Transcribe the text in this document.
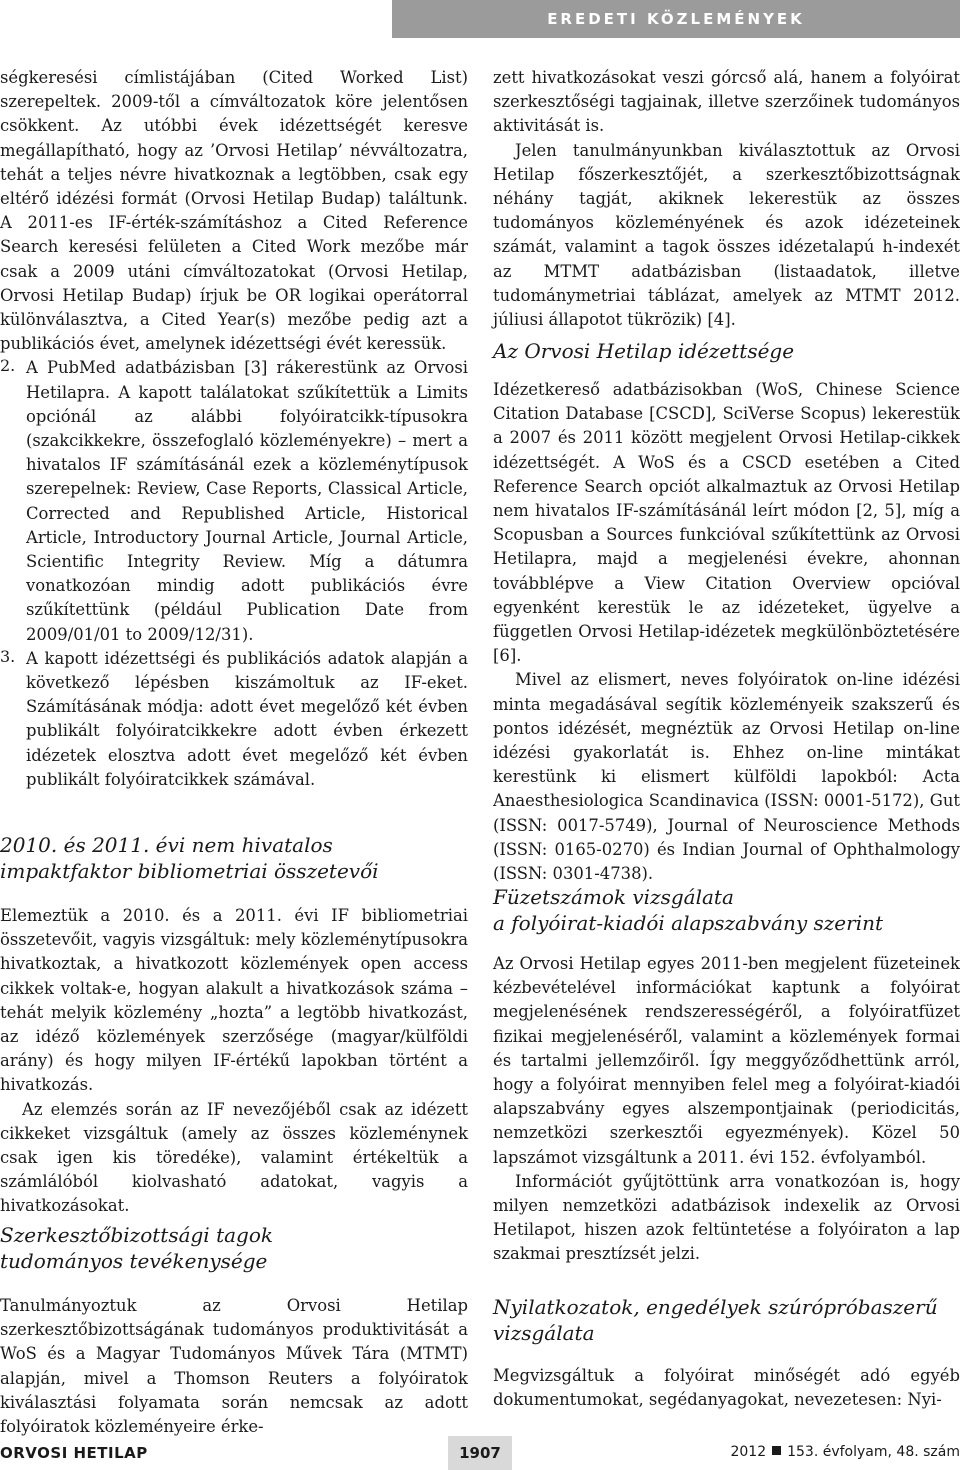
EREDETI KÖZLEMÉNYEK

ségkeresési címlistájában (Cited Worked List) szerepeltek. 2009-től a címváltozatok köre jelentősen csökkent. Az utóbbi évek idézettségét keresve megállapítható, hogy az ’Orvosi Hetilap’ névváltozatra, tehát a teljes névre hivatkoznak a legtöbben, csak egy eltérő idézési formát (Orvosi Hetilap Budap) találtunk. A 2011-es IF-érték-számításhoz a Cited Reference Search keresési felületen a Cited Work mezőbe már csak a 2009 utáni címváltozatokat (Orvosi Hetilap, Orvosi Hetilap Budap) írjuk be OR logikai operátorral különválasztva, a Cited Year(s) mezőbe pedig azt a publikációs évet, amelynek idézettségi évét keressük.

2. A PubMed adatbázisban [3] rákerestünk az Orvosi Hetilapra. A kapott találatokat szűkítettük a Limits opciónál az alábbi folyóiratcikk-típusokra (szakcikkekre, összefoglaló közleményekre) – mert a hivatalos IF számításánál ezek a közleménytípusok szerepelnek: Review, Case Reports, Classical Article, Corrected and Republished Article, Historical Article, Introductory Journal Article, Journal Article, Scientific Integrity Review. Míg a dátumra vonatkozóan mindig adott publikációs évre szűkítettünk (például Publication Date from 2009/01/01 to 2009/12/31).

3. A kapott idézettségi és publikációs adatok alapján a következő lépésben kiszámoltuk az IF-eket. Számításának módja: adott évet megelőző két évben publikált folyóiratcikkekre adott évben érkezett idézetek elosztva adott évet megelőző két évben publikált folyóiratcikkek számával.

2010. és 2011. évi nem hivatalos
impaktfaktor bibliometriai összetevői

Elemeztük a 2010. és a 2011. évi IF bibliometriai összetevőit, vagyis vizsgáltuk: mely közleménytípusokra hivatkoztak, a hivatkozott közlemények open access cikkek voltak-e, hogyan alakult a hivatkozások száma – tehát melyik közlemény „hozta” a legtöbb hivatkozást, az idéző közlemények szerzősége (magyar/külföldi arány) és hogy milyen IF-értékű lapokban történt a hivatkozás.

Az elemzés során az IF nevezőjéből csak az idézett cikkeket vizsgáltuk (amely az összes közleménynek csak igen kis töredéke), valamint értékeltük a számlálóból kiolvasható adatokat, vagyis a hivatkozásokat.

Szerkesztőbizottsági tagok
tudományos tevékenysége

Tanulmányoztuk az Orvosi Hetilap szerkesztőbizottságának tudományos produktivitását a WoS és a Magyar Tudományos Művek Tára (MTMT) alapján, mivel a Thomson Reuters a folyóiratok kiválasztási folyamata során nemcsak az adott folyóiratok közleményeire érke-

zett hivatkozásokat veszi górcső alá, hanem a folyóirat szerkesztőségi tagjainak, illetve szerzőinek tudományos aktivitását is.

Jelen tanulmányunkban kiválasztottuk az Orvosi Hetilap főszerkesztőjét, a szerkesztőbizottságnak néhány tagját, akiknek lekerestük az összes tudományos közleményének és azok idézeteinek számát, valamint a tagok összes idézetalapú h-indexét az MTMT adatbázisban (listaadatok, illetve tudománymetriai táblázat, amelyek az MTMT 2012. júliusi állapotot tükrözik) [4].

Az Orvosi Hetilap idézettsége

Idézetkereső adatbázisokban (WoS, Chinese Science Citation Database [CSCD], SciVerse Scopus) lekerestük a 2007 és 2011 között megjelent Orvosi Hetilap-cikkek idézettségét. A WoS és a CSCD esetében a Cited Reference Search opciót alkalmaztuk az Orvosi Hetilap nem hivatalos IF-számításánál leírt módon [2, 5], míg a Scopusban a Sources funkcióval szűkítettünk az Orvosi Hetilapra, majd a megjelenési évekre, ahonnan továbblépve a View Citation Overview opcióval egyenként kerestük le az idézeteket, ügyelve a független Orvosi Hetilap-idézetek megkülönböztetésére [6].

Mivel az elismert, neves folyóiratok on-line idézési minta megadásával segítik közleményeik szakszerű és pontos idézését, megnéztük az Orvosi Hetilap on-line idézési gyakorlatát is. Ehhez on-line mintákat kerestünk ki elismert külföldi lapokból: Acta Anaesthesiologica Scandinavica (ISSN: 0001-5172), Gut (ISSN: 0017-5749), Journal of Neuroscience Methods (ISSN: 0165-0270) és Indian Journal of Ophthalmology (ISSN: 0301-4738).

Füzetszámok vizsgálata
a folyóirat-kiadói alapszabvány szerint

Az Orvosi Hetilap egyes 2011-ben megjelent füzeteinek kézbevételével információkat kaptunk a folyóirat megjelenésének rendszerességéről, a folyóiratfüzet fizikai megjelenéséről, valamint a közlemények formai és tartalmi jellemzőiről. Így meggyőződhettünk arról, hogy a folyóirat mennyiben felel meg a folyóirat-kiadói alapszabvány egyes alszempontjainak (periodicitás, nemzetközi szerkesztői egyezmények). Közel 50 lapszámot vizsgáltunk a 2011. évi 152. évfolyamból.

Információt gyűjtöttünk arra vonatkozóan is, hogy milyen nemzetközi adatbázisok indexelik az Orvosi Hetilapot, hiszen azok feltüntetése a folyóiraton a lap szakmai presztízsét jelzi.

Nyilatkozatok, engedélyek szúrópróbaszerű
vizsgálata

Megvizsgáltuk a folyóirat minőségét adó egyéb dokumentumokat, segédanyagokat, nevezetesen: Nyi-

ORVOSI HETILAP	1907	2012 153. évfolyam, 48. szám
